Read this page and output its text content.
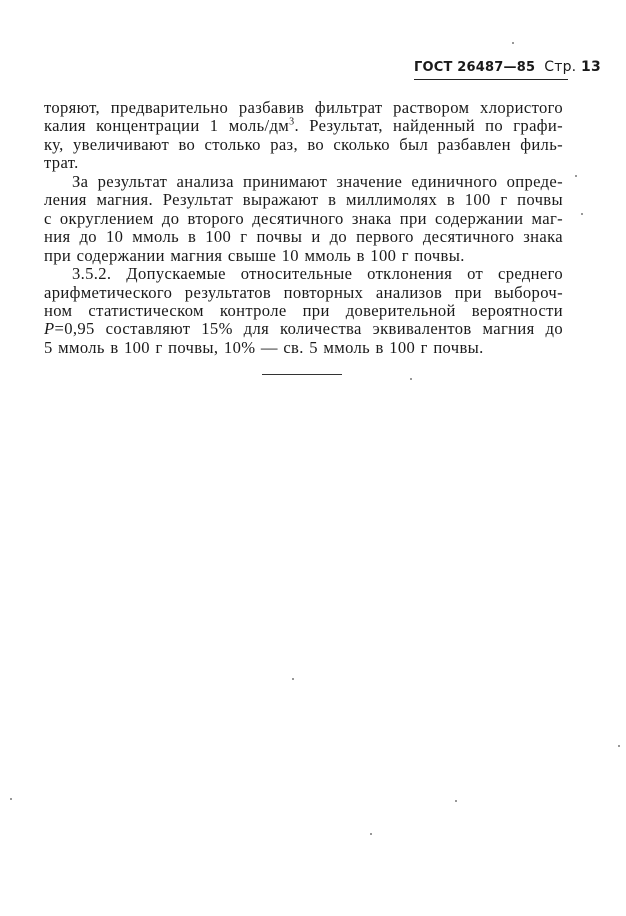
ГОСТ 26487—85 Стр. 13

торяют, предварительно разбавив фильтрат раствором хлористого
калия концентрации 1 моль/$дм^3$. Результат, найденный по графи-
ку, увеличивают во столько раз, во сколько был разбавлен филь-
трат.

За результат анализа принимают значение единичного опреде-
ления магния. Результат выражают в миллимолях в 100 г почвы
с округлением до второго десятичного знака при содержании маг-
ния до 10 ммоль в 100 г почвы и до первого десятичного знака
при содержании магния свыше 10 ммоль в 100 г почвы.

3.5.2. Допускаемые относительные отклонения от среднего
арифметического результатов повторных анализов при выбороч-
ном статистическом контроле при доверительной вероятности
P=0,95 составляют 15% для количества эквивалентов магния до
5 ммоль в 100 г почвы, 10% — св. 5 ммоль в 100 г почвы.
